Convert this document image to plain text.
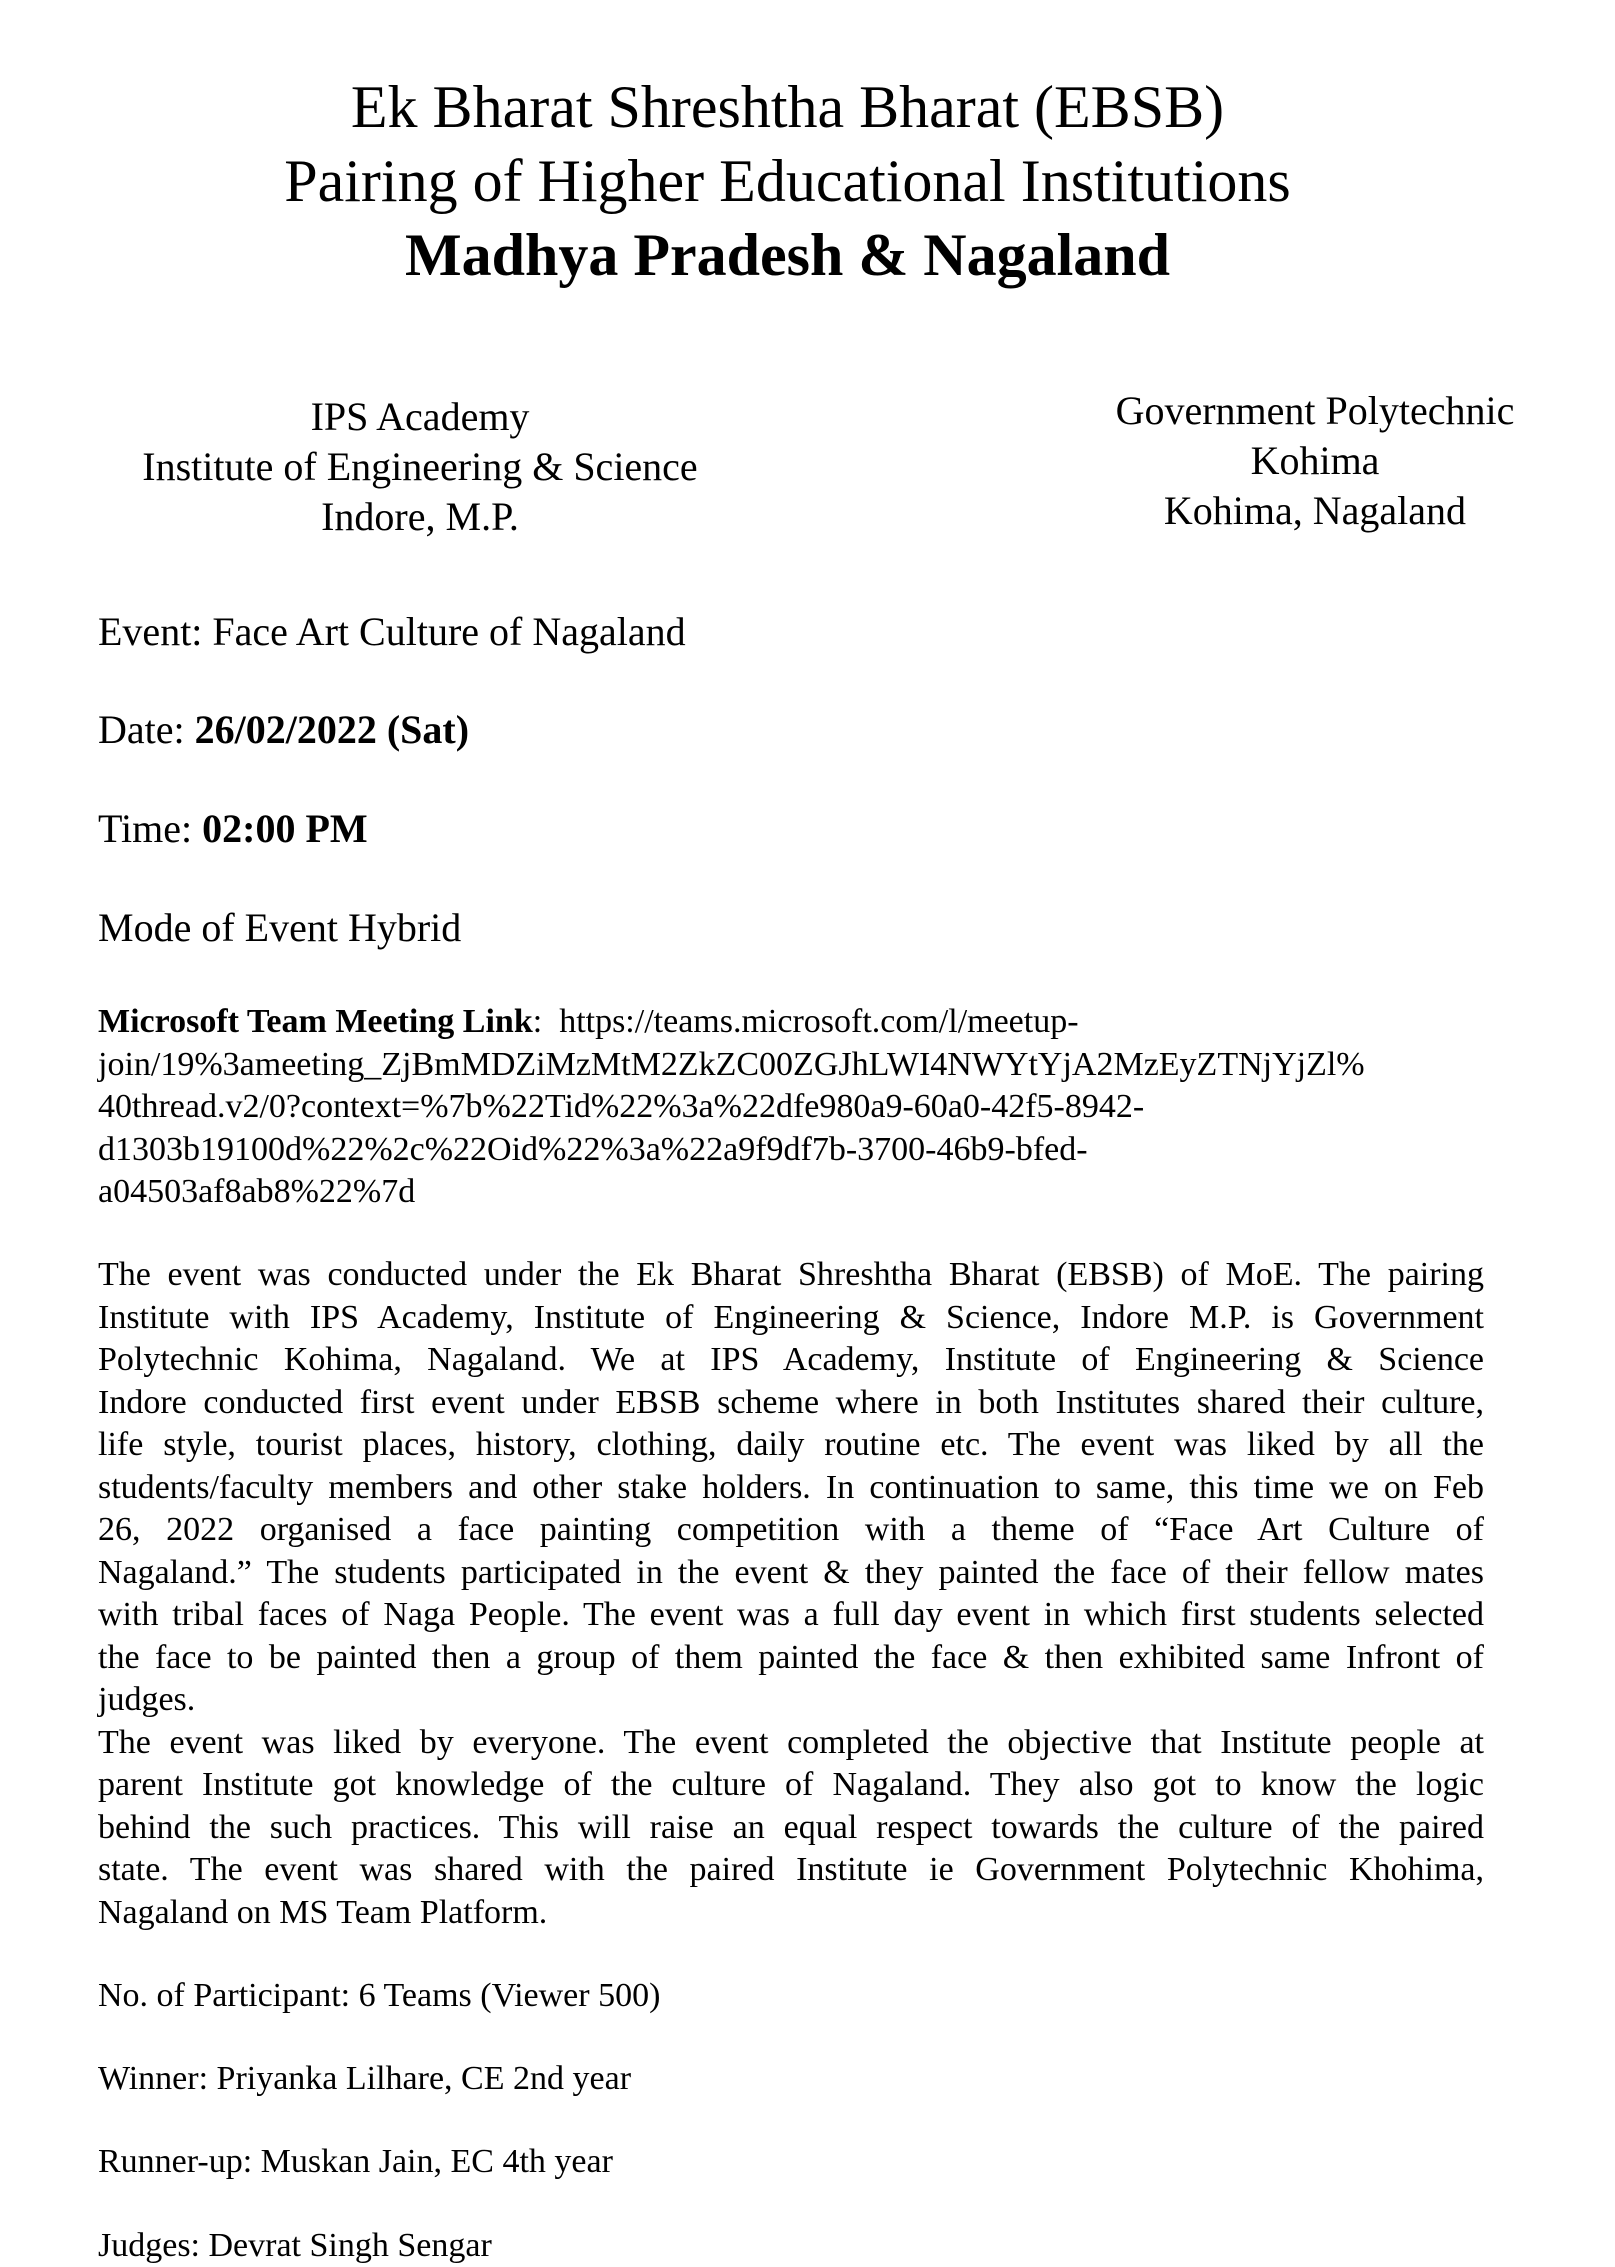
Ek Bharat Shreshtha Bharat (EBSB)
Pairing of Higher Educational Institutions
Madhya Pradesh & Nagaland
IPS Academy
Institute of Engineering & Science
Indore, M.P.
Government Polytechnic
Kohima
Kohima, Nagaland
Event: Face Art Culture of Nagaland
Date: 26/02/2022 (Sat)
Time: 02:00 PM
Mode of Event Hybrid
Microsoft Team Meeting Link:  https://teams.microsoft.com/l/meetup-
join/19%3ameeting_ZjBmMDZiMzMtM2ZkZC00ZGJhLWI4NWYtYjA2MzEyZTNjYjZl%
40thread.v2/0?context=%7b%22Tid%22%3a%22dfe980a9-60a0-42f5-8942-
d1303b19100d%22%2c%22Oid%22%3a%22a9f9df7b-3700-46b9-bfed-
a04503af8ab8%22%7d
The event was conducted under the Ek Bharat Shreshtha Bharat (EBSB) of MoE. The pairing
Institute with IPS Academy, Institute of Engineering & Science, Indore M.P. is Government
Polytechnic Kohima, Nagaland. We at IPS Academy, Institute of Engineering & Science
Indore conducted first event under EBSB scheme where in both Institutes shared their culture,
life style, tourist places, history, clothing, daily routine etc. The event was liked by all the
students/faculty members and other stake holders. In continuation to same, this time we on Feb
26, 2022 organised a face painting competition with a theme of “Face Art Culture of
Nagaland.” The students participated in the event & they painted the face of their fellow mates
with tribal faces of Naga People. The event was a full day event in which first students selected
the face to be painted then a group of them painted the face & then exhibited same Infront of
judges.
The event was liked by everyone. The event completed the objective that Institute people at
parent Institute got knowledge of the culture of Nagaland. They also got to know the logic
behind the such practices. This will raise an equal respect towards the culture of the paired
state. The event was shared with the paired Institute ie Government Polytechnic Khohima,
Nagaland on MS Team Platform.
No. of Participant: 6 Teams (Viewer 500)
Winner: Priyanka Lilhare, CE 2nd year
Runner-up: Muskan Jain, EC 4th year
Judges: Devrat Singh Sengar
